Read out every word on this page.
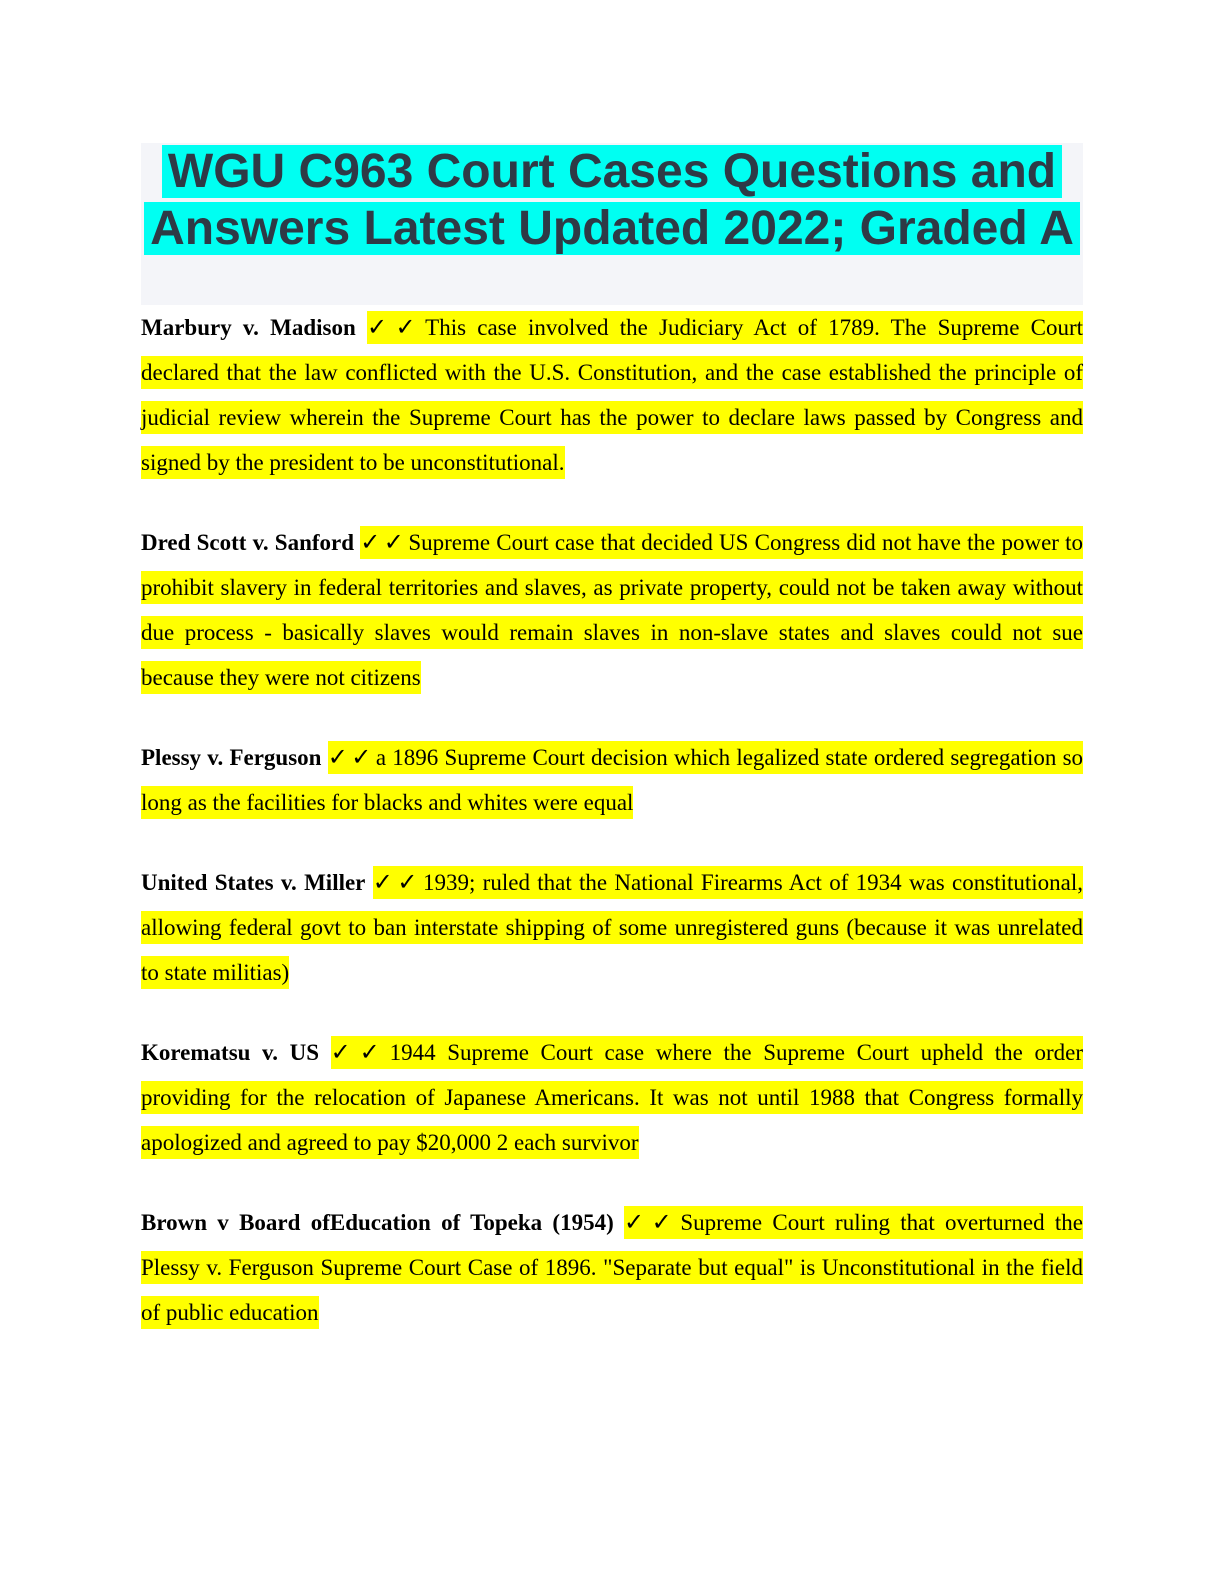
WGU C963 Court Cases Questions and
Answers Latest Updated 2022; Graded A

Marbury v. Madison ✓✓This case involved the Judiciary Act of 1789. The Supreme Court declared that the law conflicted with the U.S. Constitution, and the case established the principle of judicial review wherein the Supreme Court has the power to declare laws passed by Congress and signed by the president to be unconstitutional.

Dred Scott v. Sanford ✓✓Supreme Court case that decided US Congress did not have the power to prohibit slavery in federal territories and slaves, as private property, could not be taken away without due process - basically slaves would remain slaves in non-slave states and slaves could not sue because they were not citizens

Plessy v. Ferguson ✓✓a 1896 Supreme Court decision which legalized state ordered segregation so long as the facilities for blacks and whites were equal

United States v. Miller ✓✓1939; ruled that the National Firearms Act of 1934 was constitutional, allowing federal govt to ban interstate shipping of some unregistered guns (because it was unrelated to state militias)

Korematsu v. US ✓✓1944 Supreme Court case where the Supreme Court upheld the order providing for the relocation of Japanese Americans. It was not until 1988 that Congress formally apologized and agreed to pay $20,000 2 each survivor

Brown v Board ofEducation of Topeka (1954) ✓✓Supreme Court ruling that overturned the Plessy v. Ferguson Supreme Court Case of 1896. "Separate but equal" is Unconstitutional in the field of public education
